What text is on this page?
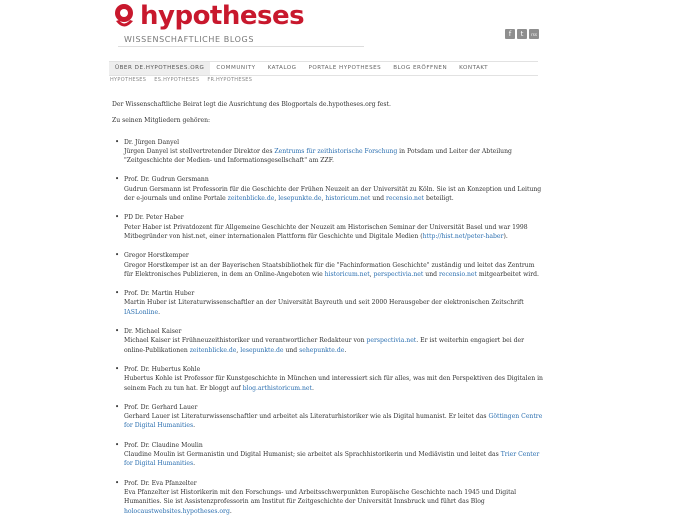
hypotheses
WISSENSCHAFTLICHE BLOGS
f	t	rss
ÜBER DE.HYPOTHESES.ORG	COMMUNITY	KATALOG	PORTALE HYPOTHESES	BLOG ERÖFFNEN	KONTAKT
HYPOTHESES ES.HYPOTHESES FR.HYPOTHESES

Der Wissenschaftliche Beirat legt die Ausrichtung des Blogportals de.hypotheses.org fest.

Zu seinen Mitgliedern gehören:

• Dr. Jürgen Danyel
Jürgen Danyel ist stellvertretender Direktor des Zentrums für zeithistorische Forschung in Potsdam und Leiter der Abteilung "Zeitgeschichte der Medien- und Informationsgesellschaft" am ZZF.
• Prof. Dr. Gudrun Gersmann
Gudrun Gersmann ist Professorin für die Geschichte der Frühen Neuzeit an der Universität zu Köln. Sie ist an Konzeption und Leitung der e-journals und online Portale zeitenblicke.de, lesepunkte.de, historicum.net und recensio.net beteiligt.
• PD Dr. Peter Haber
Peter Haber ist Privatdozent für Allgemeine Geschichte der Neuzeit am Historischen Seminar der Universität Basel und war 1998 Mitbegründer von hist.net, einer internationalen Plattform für Geschichte und Digitale Medien (http://hist.net/peter-haber).
• Gregor Horstkemper
Gregor Horstkemper ist an der Bayerischen Staatsbibliothek für die "Fachinformation Geschichte" zuständig und leitet das Zentrum für Elektronisches Publizieren, in dem an Online-Angeboten wie historicum.net, perspectivia.net und recensio.net mitgearbeitet wird.
• Prof. Dr. Martin Huber
Martin Huber ist Literaturwissenschaftler an der Universität Bayreuth und seit 2000 Herausgeber der elektronischen Zeitschrift IASLonline.
• Dr. Michael Kaiser
Michael Kaiser ist Frühneuzeithistoriker und verantwortlicher Redakteur von perspectivia.net. Er ist weiterhin engagiert bei der online-Publikationen zeitenblicke.de, lesepunkte.de und sehepunkte.de.
• Prof. Dr. Hubertus Kohle
Hubertus Kohle ist Professor für Kunstgeschichte in München und interessiert sich für alles, was mit den Perspektiven des Digitalen in seinem Fach zu tun hat. Er bloggt auf blog.arthistoricum.net.
• Prof. Dr. Gerhard Lauer
Gerhard Lauer ist Literaturwissenschaftler und arbeitet als Literaturhistoriker wie als Digital humanist. Er leitet das Göttingen Centre for Digital Humanities.
• Prof. Dr. Claudine Moulin
Claudine Moulin ist Germanistin und Digital Humanist; sie arbeitet als Sprachhistorikerin und Mediävistin und leitet das Trier Center for Digital Humanities.
• Prof. Dr. Eva Pfanzelter
Eva Pfanzelter ist Historikerin mit den Forschungs- und Arbeitsschwerpunkten Europäische Geschichte nach 1945 und Digital Humanities. Sie ist Assistenzprofessorin am Institut für Zeitgeschichte der Universität Innsbruck und führt das Blog holocaustwebsites.hypotheses.org.
